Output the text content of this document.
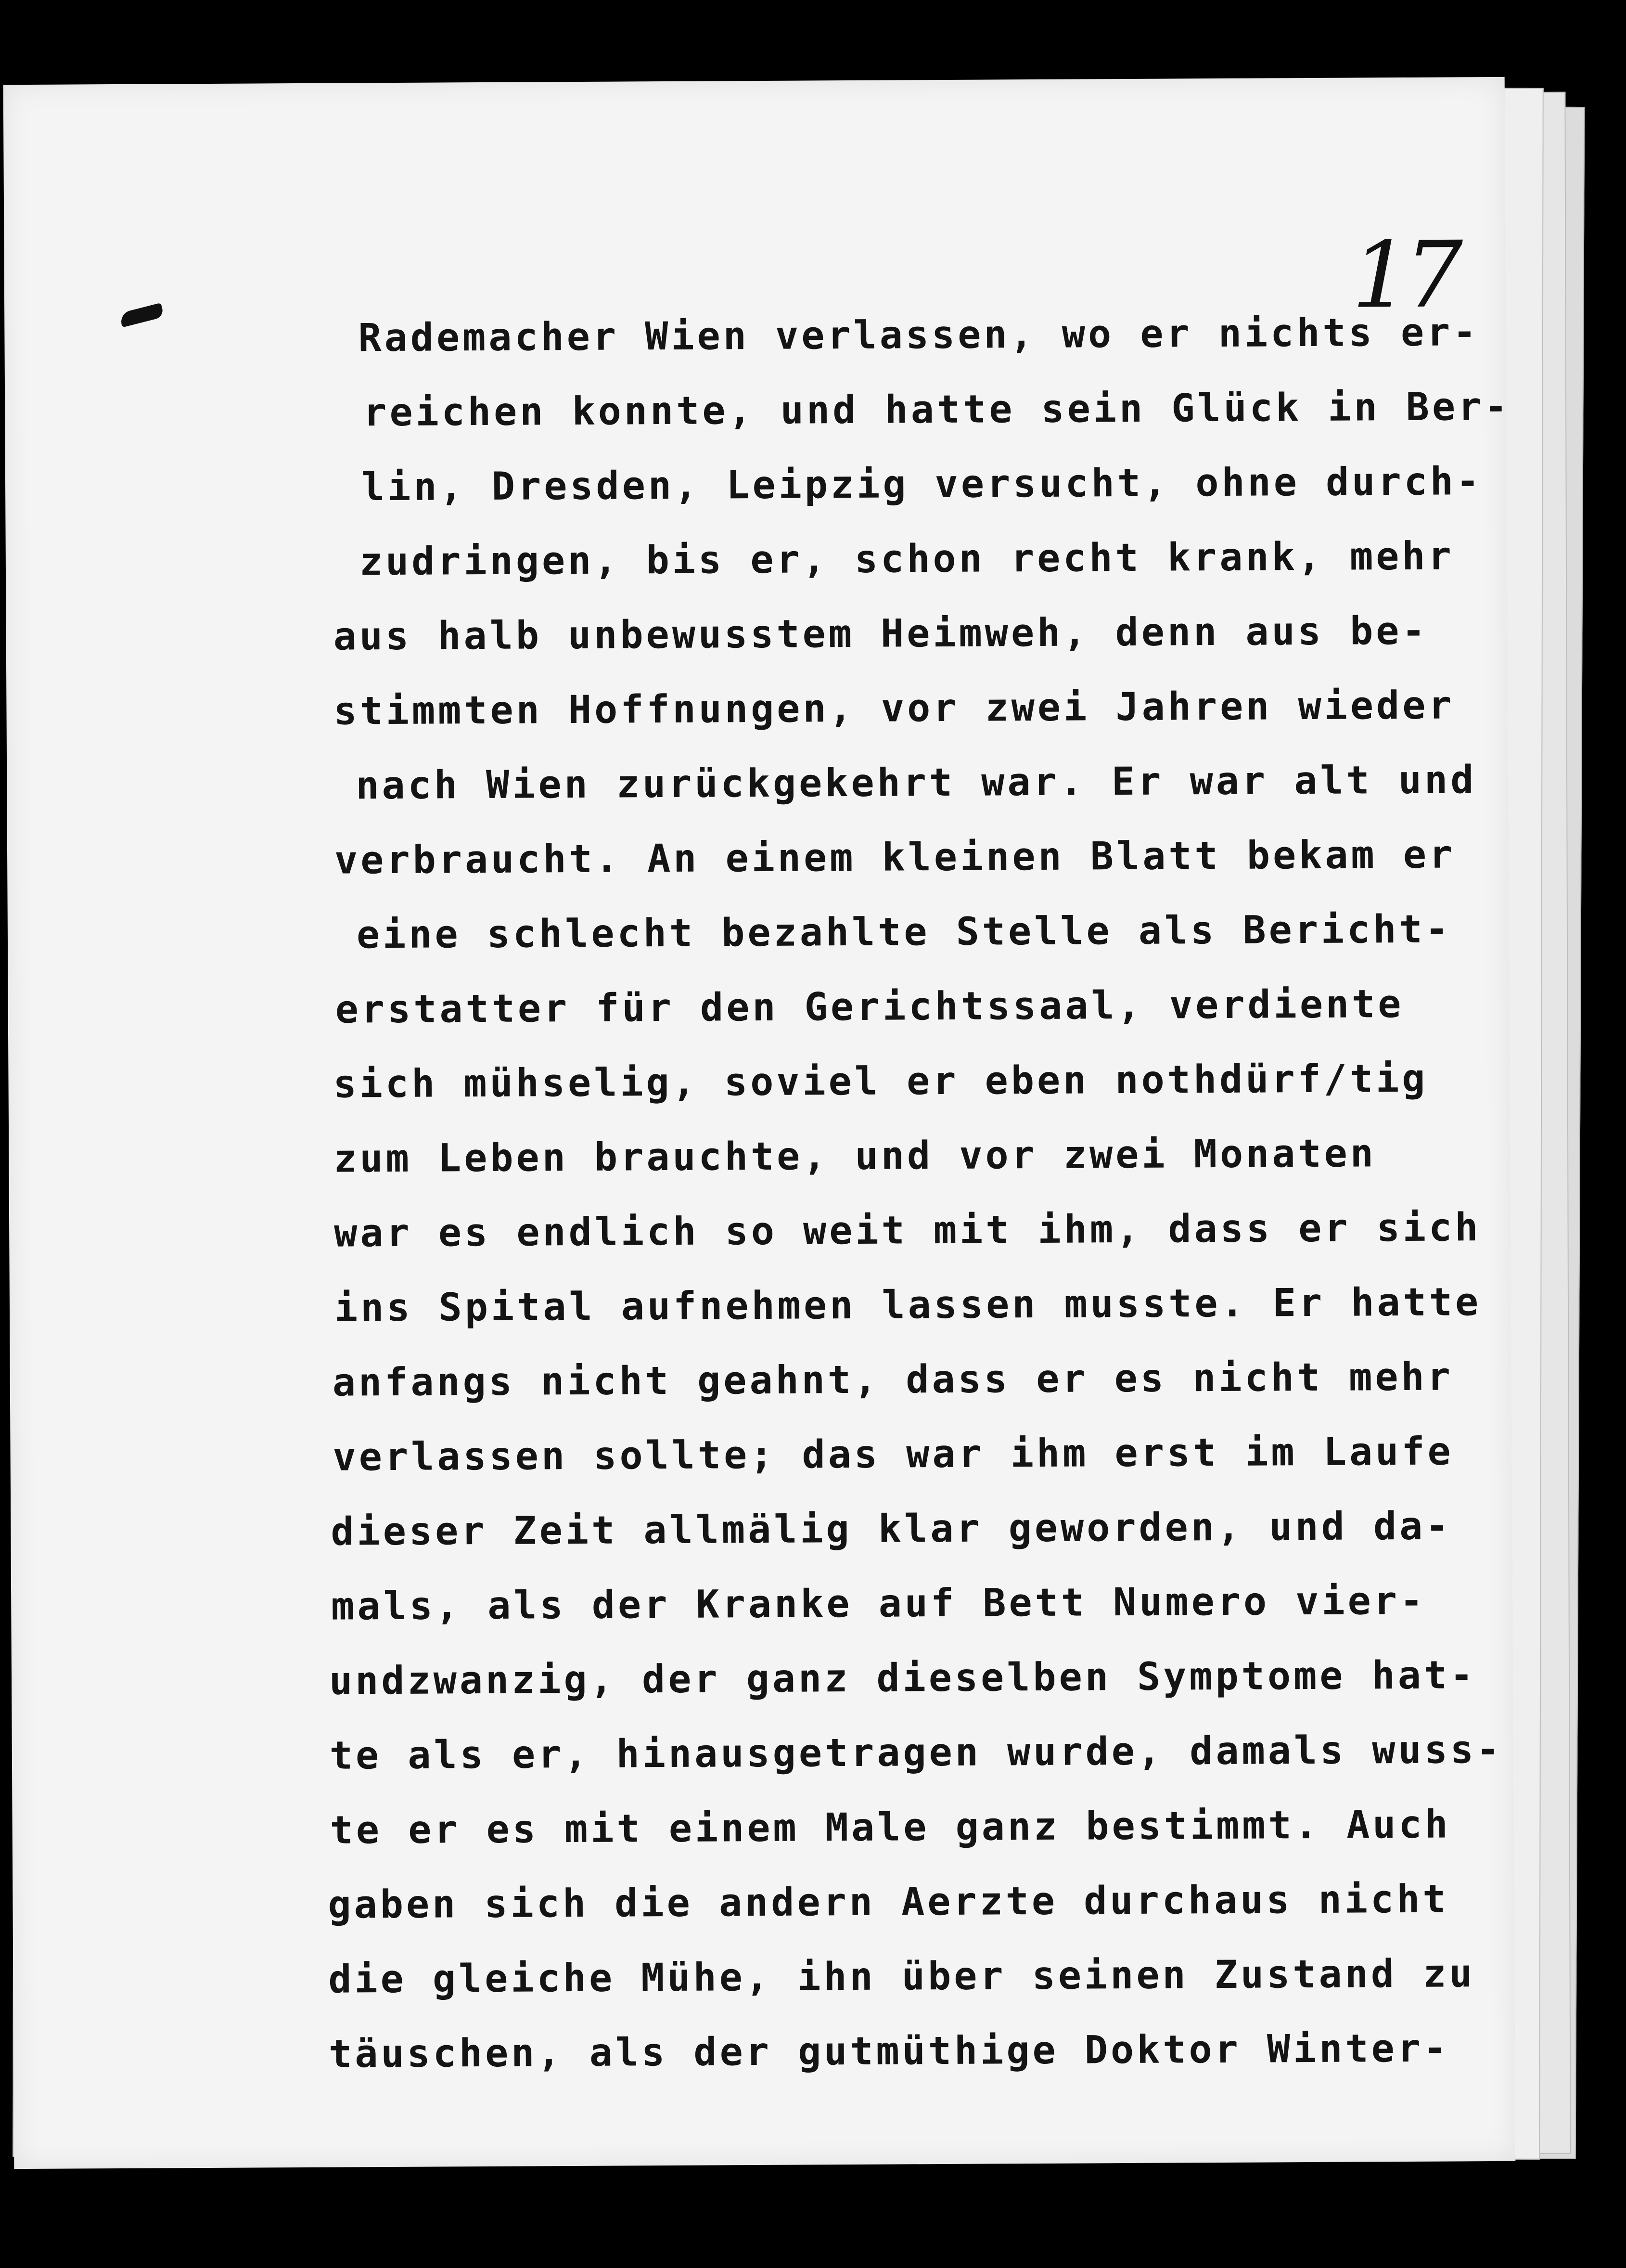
17
Rademacher Wien verlassen, wo er nichts er-
reichen konnte, und hatte sein Glück in Ber-
lin, Dresden, Leipzig versucht, ohne durch-
zudringen, bis er, schon recht krank, mehr
aus halb unbewusstem Heimweh, denn aus be-
stimmten Hoffnungen, vor zwei Jahren wieder
nach Wien zurückgekehrt war. Er war alt und
verbraucht. An einem kleinen Blatt bekam er
eine schlecht bezahlte Stelle als Bericht-
erstatter für den Gerichtssaal, verdiente
sich mühselig, soviel er eben nothdürf/tig
zum Leben brauchte, und vor zwei Monaten
war es endlich so weit mit ihm, dass er sich
ins Spital aufnehmen lassen musste. Er hatte
anfangs nicht geahnt, dass er es nicht mehr
verlassen sollte; das war ihm erst im Laufe
dieser Zeit allmälig klar geworden, und da-
mals, als der Kranke auf Bett Numero vier-
undzwanzig, der ganz dieselben Symptome hat-
te als er, hinausgetragen wurde, damals wuss-
te er es mit einem Male ganz bestimmt. Auch
gaben sich die andern Aerzte durchaus nicht
die gleiche Mühe, ihn über seinen Zustand zu
täuschen, als der gutmüthige Doktor Winter-
